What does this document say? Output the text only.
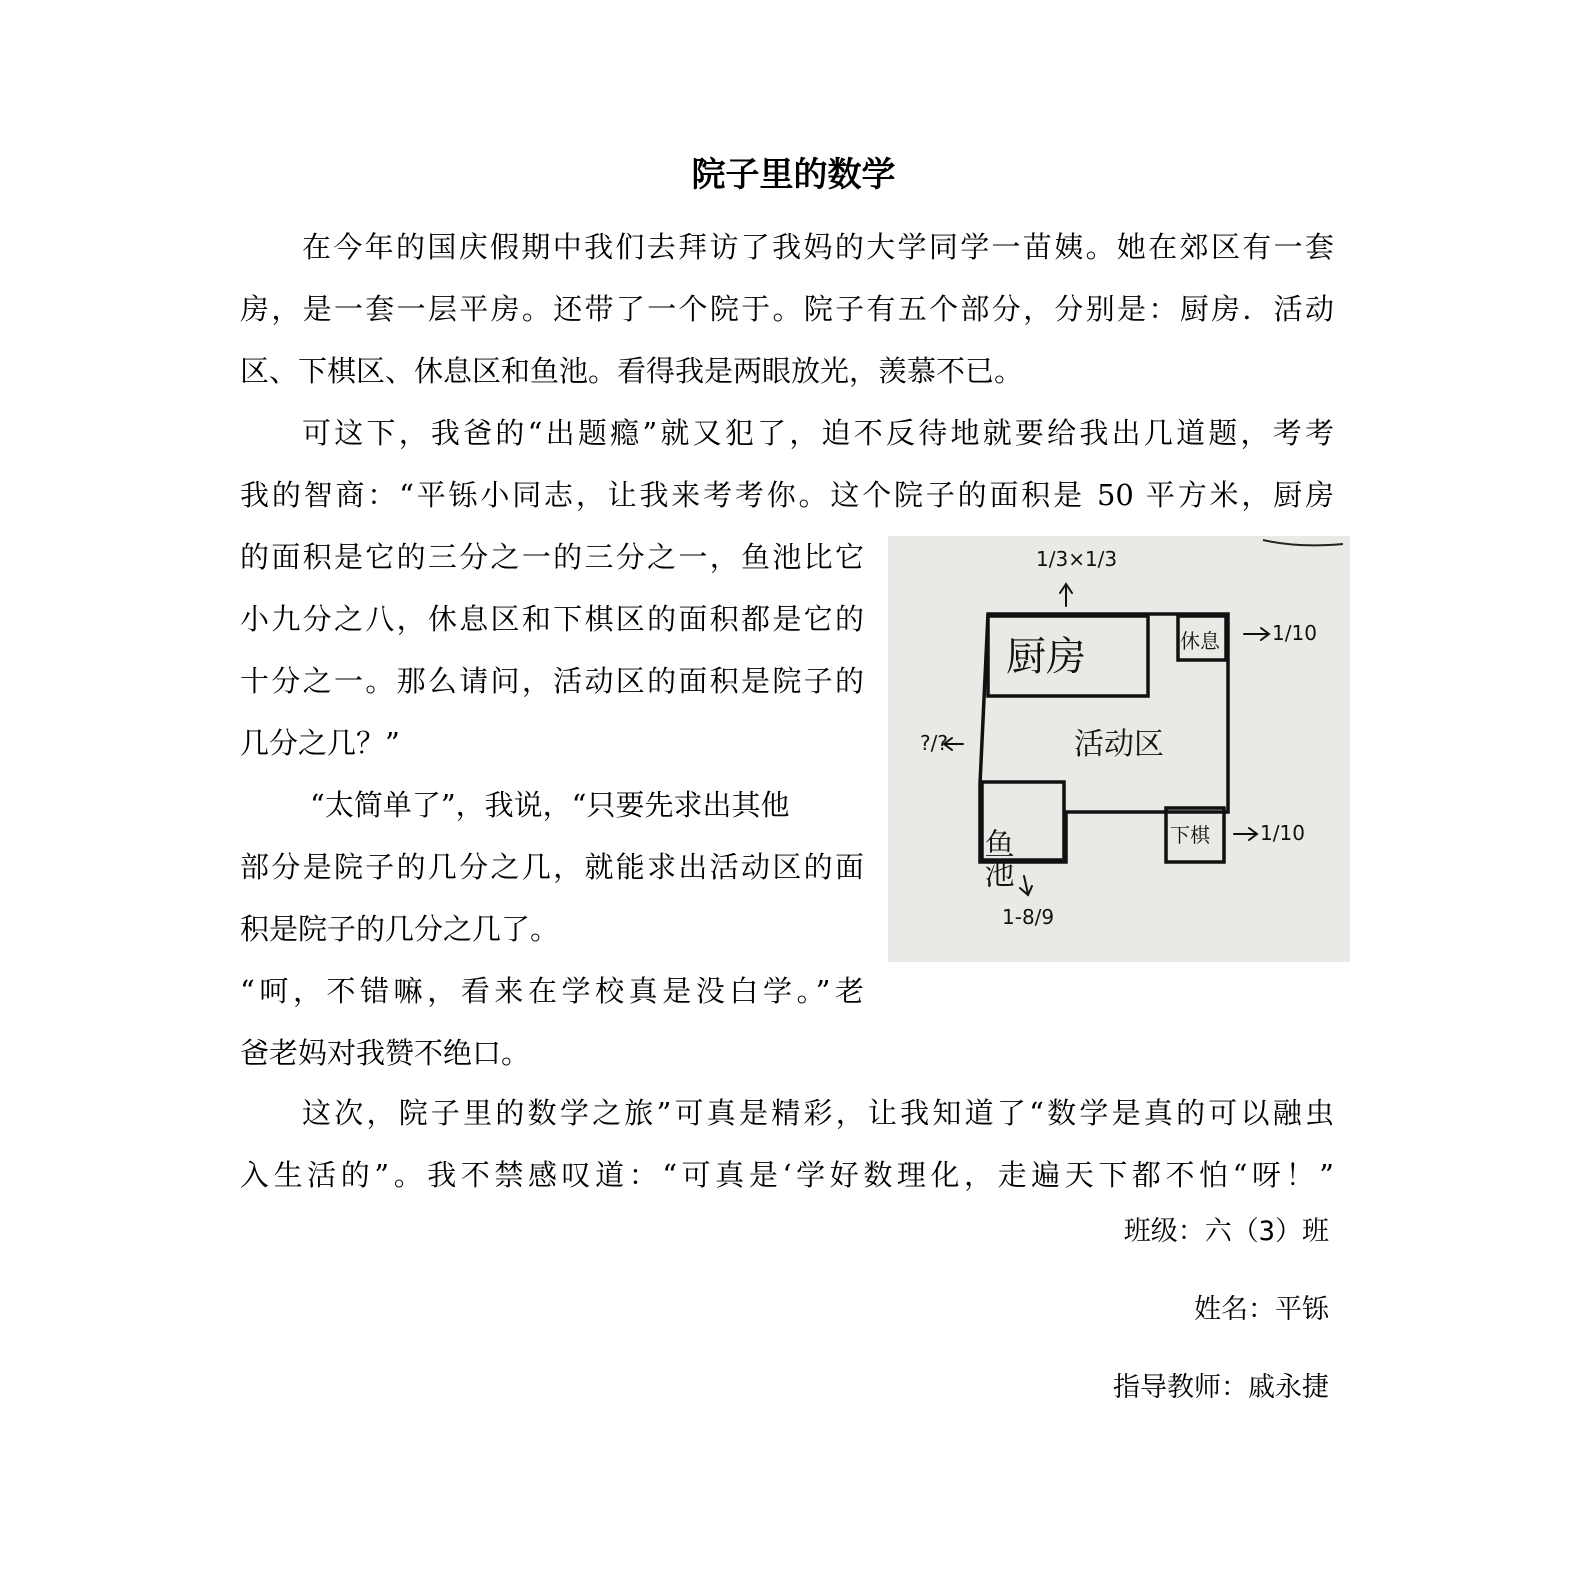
院子里的数学

在今年的国庆假期中我们去拜访了我妈的大学同学一苗姨。她在郊区有一套
房，是一套一层平房。还带了一个院于。院子有五个部分，分别是：厨房．活动
区、下棋区、休息区和鱼池。看得我是两眼放光，羡慕不已。

可这下，我爸的“出题瘾”就又犯了，迫不反待地就要给我出几道题，考考
我的智商：“平铄小同志，让我来考考你。这个院子的面积是 50 平方米，厨房

的面积是它的三分之一的三分之一，鱼池比它
小九分之八，休息区和下棋区的面积都是它的
十分之一。那么请问，活动区的面积是院子的
几分之几？”

“太简单了”，我说，“只要先求出其他
部分是院子的几分之几，就能求出活动区的面
积是院子的几分之几了。

“呵，不错嘛，看来在学校真是没白学。”老
爸老妈对我赞不绝口。

这次，院子里的数学之旅”可真是精彩，让我知道了“数学是真的可以融虫
入生活的”。我不禁感叹道：“可真是‘学好数理化，走遍天下都不怕“呀！”

厨房	休息
活动区
鱼池	下棋
1/3×1/3
1/10
1/10
?/?
1-8/9
班级：六（3）班
姓名：平铄
指导教师：戚永捷
